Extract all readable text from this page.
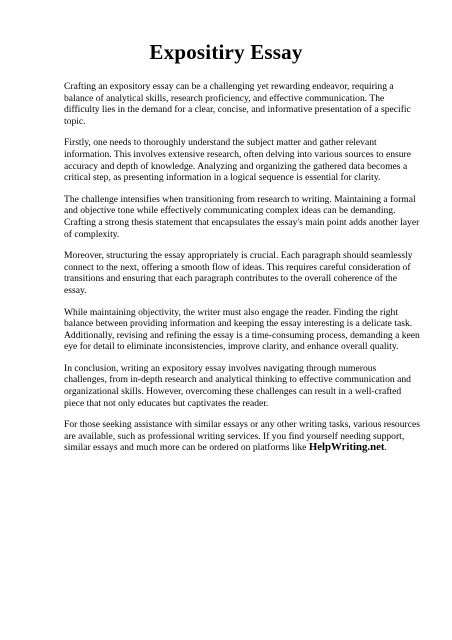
Expositiry Essay

Crafting an expository essay can be a challenging yet rewarding endeavor, requiring a balance of analytical skills, research proficiency, and effective communication. The difficulty lies in the demand for a clear, concise, and informative presentation of a specific topic.

Firstly, one needs to thoroughly understand the subject matter and gather relevant information. This involves extensive research, often delving into various sources to ensure accuracy and depth of knowledge. Analyzing and organizing the gathered data becomes a critical step, as presenting information in a logical sequence is essential for clarity.

The challenge intensifies when transitioning from research to writing. Maintaining a formal and objective tone while effectively communicating complex ideas can be demanding. Crafting a strong thesis statement that encapsulates the essay's main point adds another layer of complexity.

Moreover, structuring the essay appropriately is crucial. Each paragraph should seamlessly connect to the next, offering a smooth flow of ideas. This requires careful consideration of transitions and ensuring that each paragraph contributes to the overall coherence of the essay.

While maintaining objectivity, the writer must also engage the reader. Finding the right balance between providing information and keeping the essay interesting is a delicate task. Additionally, revising and refining the essay is a time-consuming process, demanding a keen eye for detail to eliminate inconsistencies, improve clarity, and enhance overall quality.

In conclusion, writing an expository essay involves navigating through numerous challenges, from in-depth research and analytical thinking to effective communication and organizational skills. However, overcoming these challenges can result in a well-crafted piece that not only educates but captivates the reader.

For those seeking assistance with similar essays or any other writing tasks, various resources are available, such as professional writing services. If you find yourself needing support, similar essays and much more can be ordered on platforms like HelpWriting.net.
